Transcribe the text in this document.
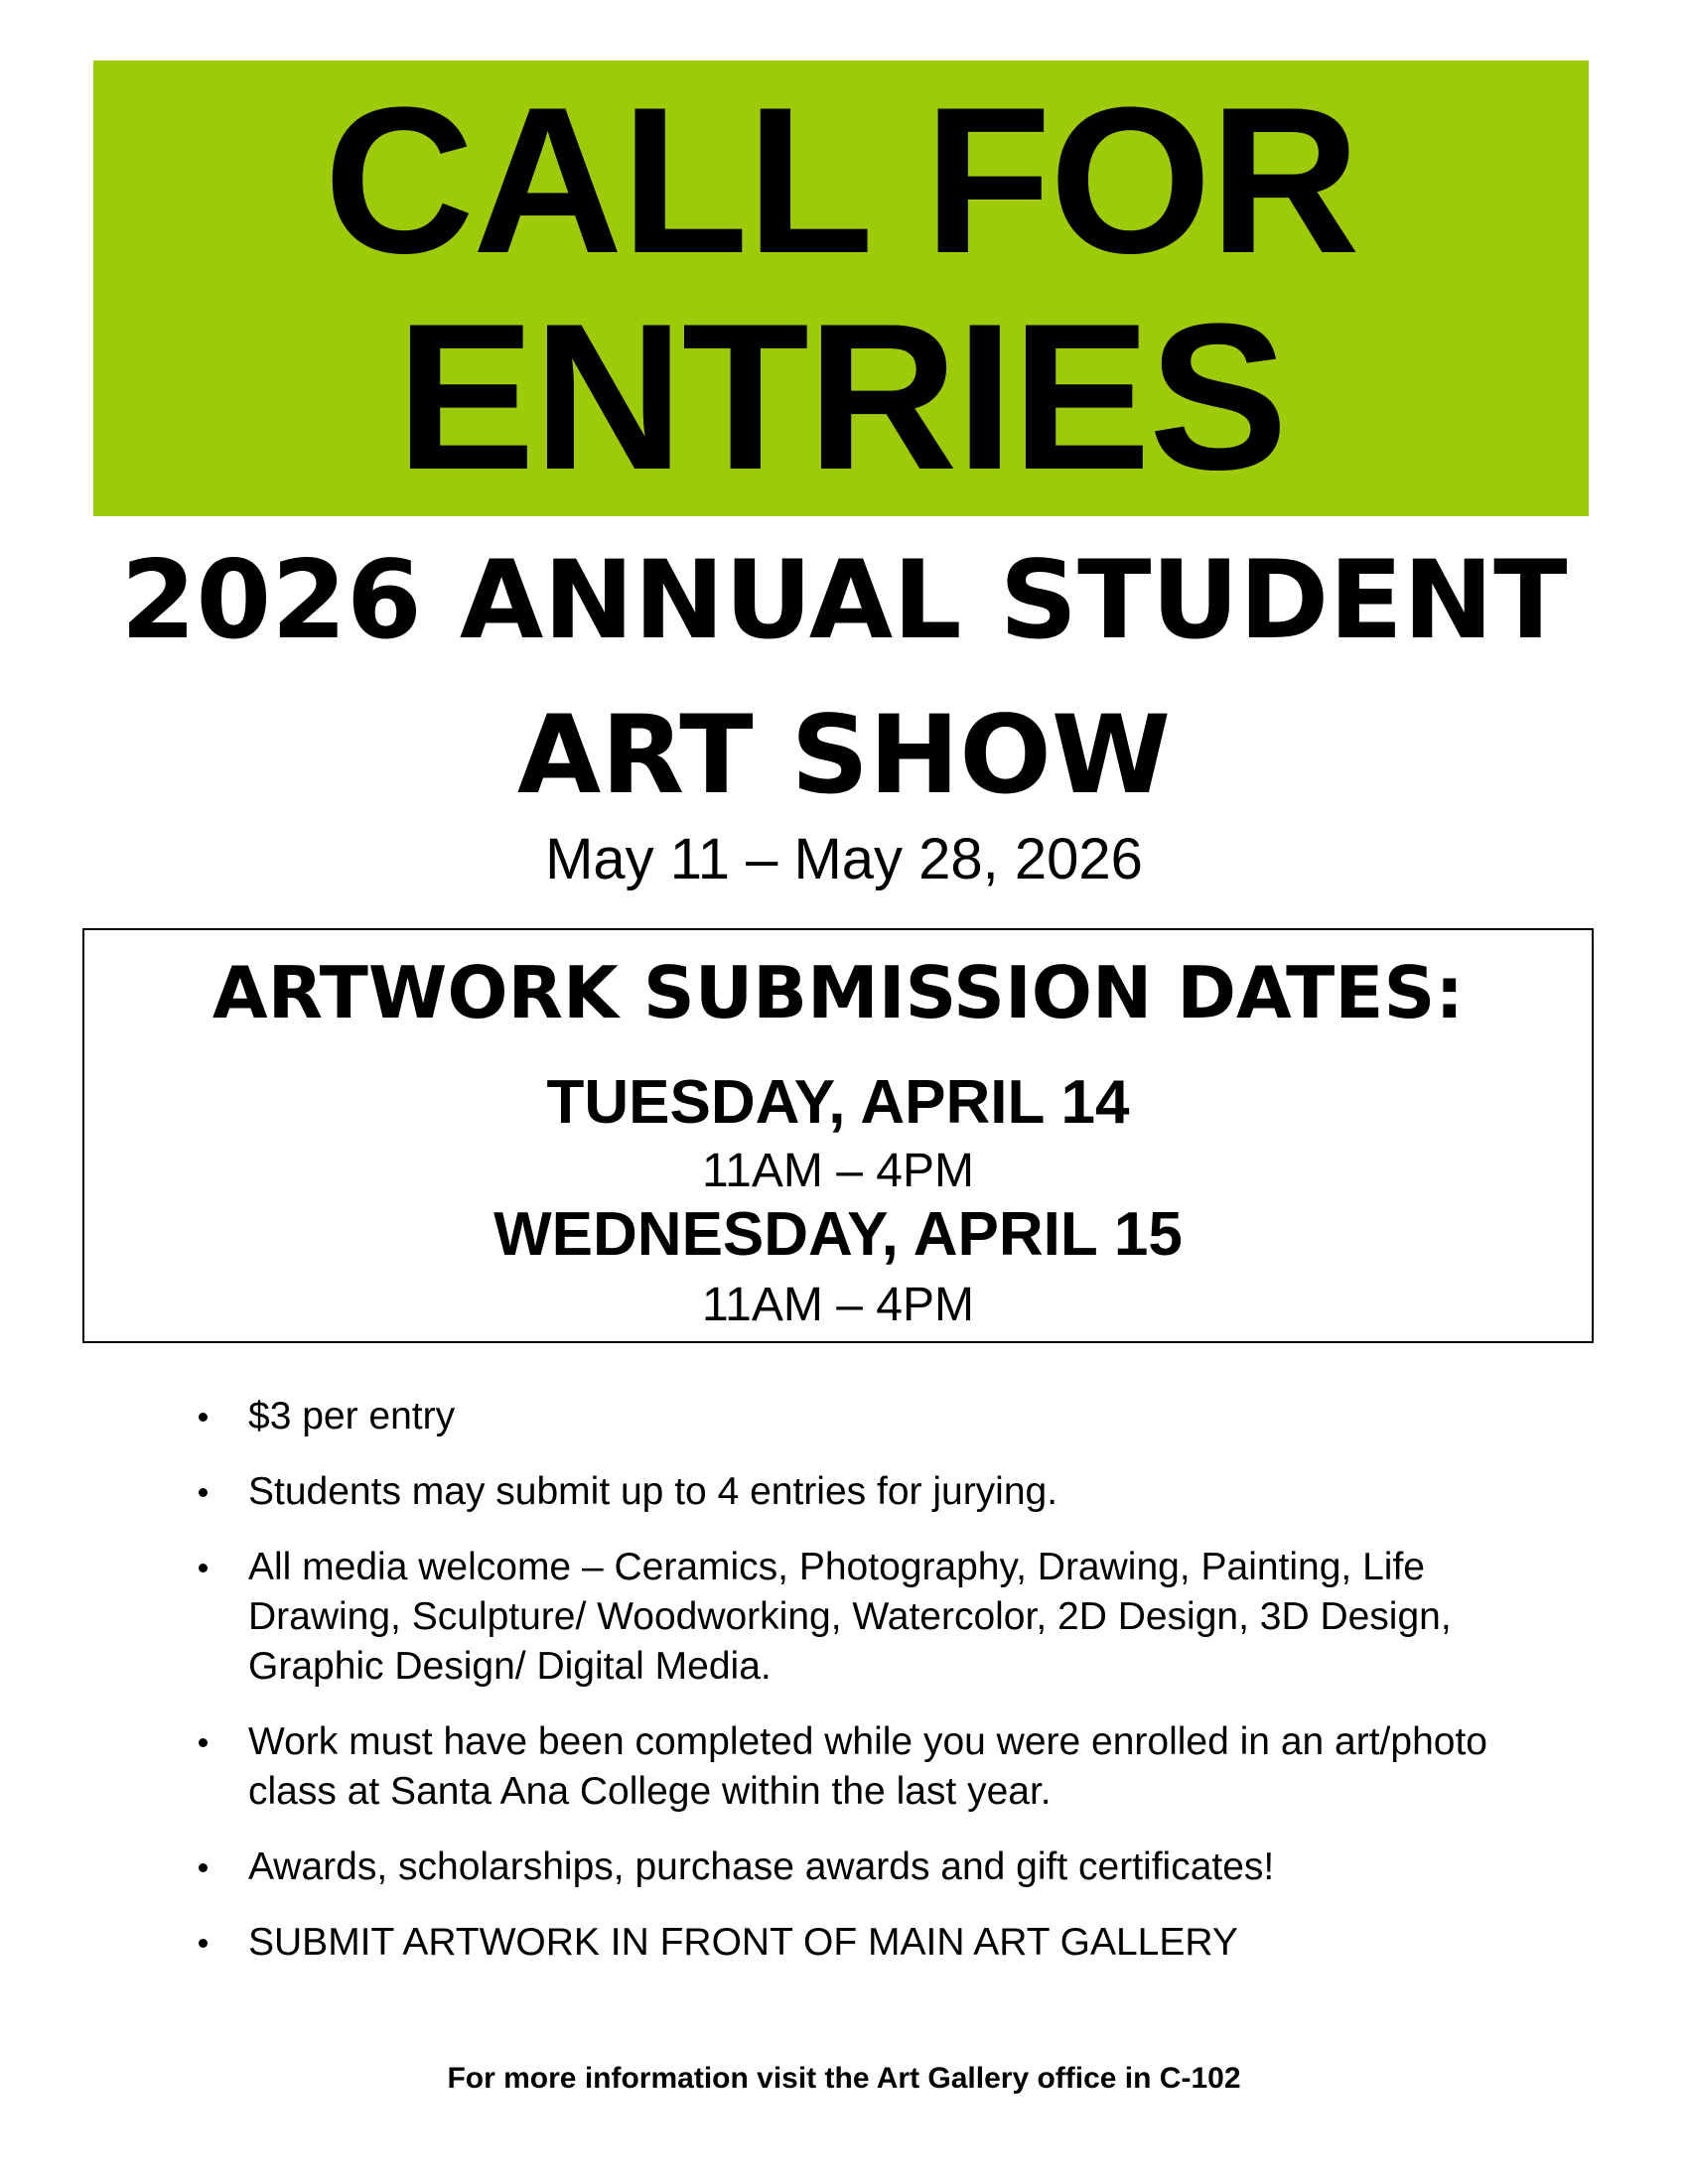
CALL FOR
ENTRIES
2026 ANNUAL STUDENT
ART SHOW
May 11 – May 28, 2026
ARTWORK SUBMISSION DATES:
TUESDAY, APRIL 14
11AM – 4PM
WEDNESDAY, APRIL 15
11AM – 4PM
$3 per entry
Students may submit up to 4 entries for jurying.
All media welcome – Ceramics, Photography, Drawing, Painting, Life Drawing, Sculpture/ Woodworking, Watercolor, 2D Design, 3D Design, Graphic Design/ Digital Media.
Work must have been completed while you were enrolled in an art/photo class at Santa Ana College within the last year.
Awards, scholarships, purchase awards and gift certificates!
SUBMIT ARTWORK IN FRONT OF MAIN ART GALLERY
For more information visit the Art Gallery office in C-102
